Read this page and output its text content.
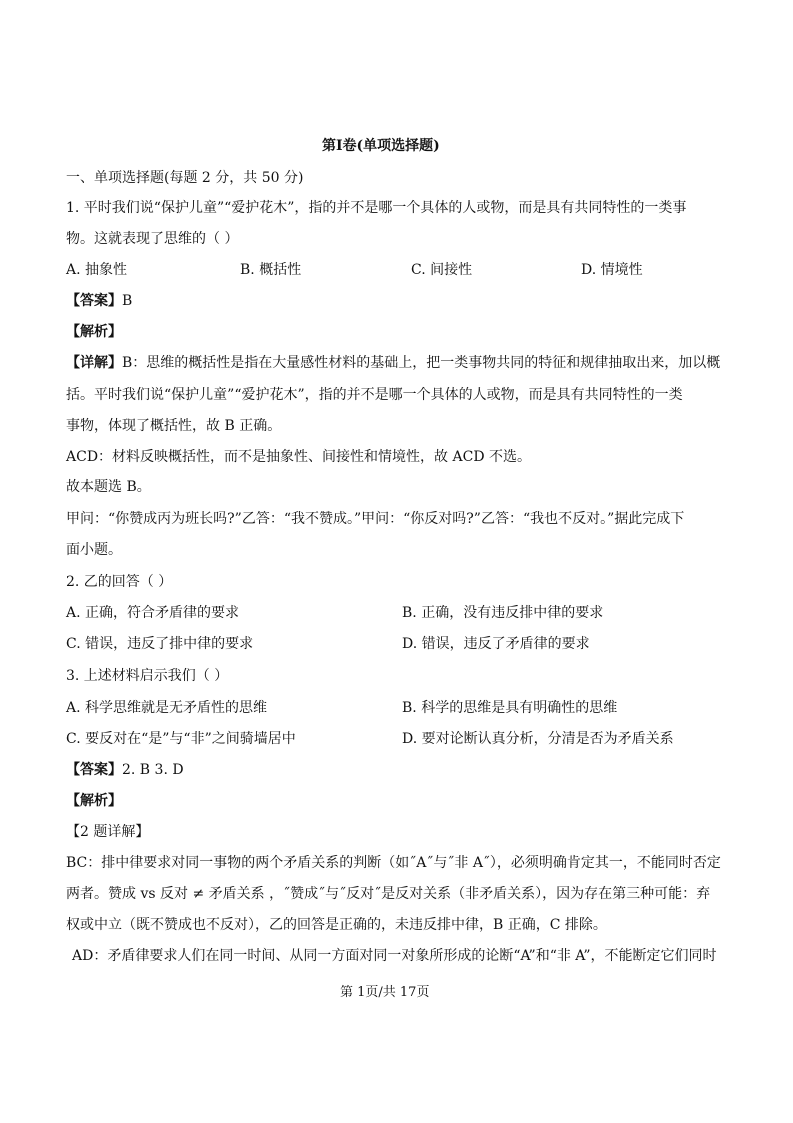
第Ⅰ卷(单项选择题)
一、单项选择题(每题 2 分，共 50 分)
1. 平时我们说“保护儿童”“爱护花木”，指的并不是哪一个具体的人或物，而是具有共同特性的一类事
物。这就表现了思维的（ ）
A. 抽象性	B. 概括性	C. 间接性	D. 情境性
【答案】B
【解析】
【详解】B：思维的概括性是指在大量感性材料的基础上，把一类事物共同的特征和规律抽取出来，加以概
括。平时我们说“保护儿童”“爱护花木”，指的并不是哪一个具体的人或物，而是具有共同特性的一类
事物，体现了概括性，故 B 正确。
ACD：材料反映概括性，而不是抽象性、间接性和情境性，故 ACD 不选。
故本题选 B。
甲问：“你赞成丙为班长吗?”乙答：“我不赞成。”甲问：“你反对吗?”乙答：“我也不反对。”据此完成下
面小题。
2. 乙的回答（ ）
A. 正确，符合矛盾律的要求	B. 正确，没有违反排中律的要求
C. 错误，违反了排中律的要求	D. 错误，违反了矛盾律的要求
3. 上述材料启示我们（ ）
A. 科学思维就是无矛盾性的思维	B. 科学的思维是具有明确性的思维
C. 要反对在“是”与“非”之间骑墙居中	D. 要对论断认真分析，分清是否为矛盾关系
【答案】2. B 3. D
【解析】
【2 题详解】
BC：排中律要求对同一事物的两个矛盾关系的判断（如˝A˝与˝非 A˝），必须明确肯定其一，不能同时否定
两者。赞成 vs 反对 ≠ 矛盾关系 ，˝赞成˝与˝反对˝是反对关系（非矛盾关系），因为存在第三种可能：弃
权或中立（既不赞成也不反对），乙的回答是正确的，未违反排中律，B 正确，C 排除。
AD：矛盾律要求人们在同一时间、从同一方面对同一对象所形成的论断“A”和“非 A”，不能断定它们同时
第 1页/共 17页
